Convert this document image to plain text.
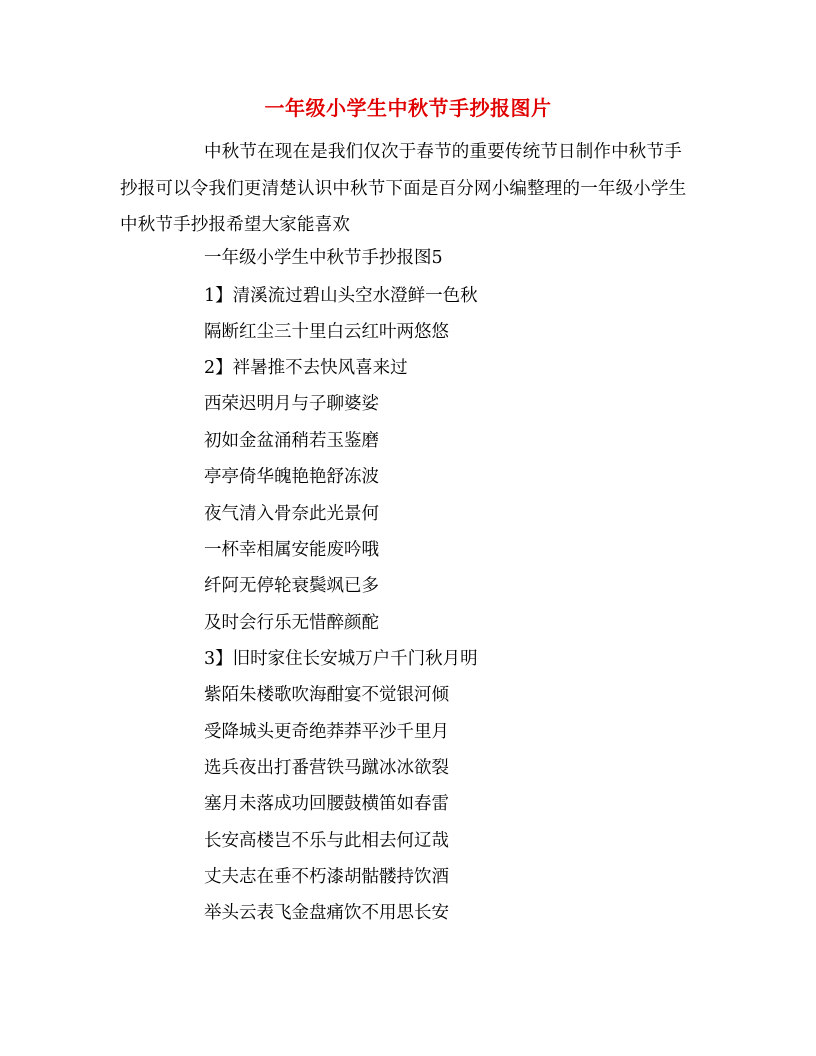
一年级小学生中秋节手抄报图片

中秋节在现在是我们仅次于春节的重要传统节日制作中秋节手抄报可以令我们更清楚认识中秋节下面是百分网小编整理的一年级小学生中秋节手抄报希望大家能喜欢

一年级小学生中秋节手抄报图5
1】清溪流过碧山头空水澄鲜一色秋
隔断红尘三十里白云红叶两悠悠
2】袢暑推不去快风喜来过
西荣迟明月与子聊婆娑
初如金盆涌稍若玉鉴磨
亭亭倚华魄艳艳舒冻波
夜气清入骨奈此光景何
一杯幸相属安能废吟哦
纤阿无停轮衰鬓飒已多
及时会行乐无惜醉颜酡
3】旧时家住长安城万户千门秋月明
紫陌朱楼歌吹海酣宴不觉银河倾
受降城头更奇绝莽莽平沙千里月
选兵夜出打番营铁马蹴冰冰欲裂
塞月未落成功回腰鼓横笛如春雷
长安高楼岂不乐与此相去何辽哉
丈夫志在垂不朽漆胡骷髅持饮酒
举头云表飞金盘痛饮不用思长安
